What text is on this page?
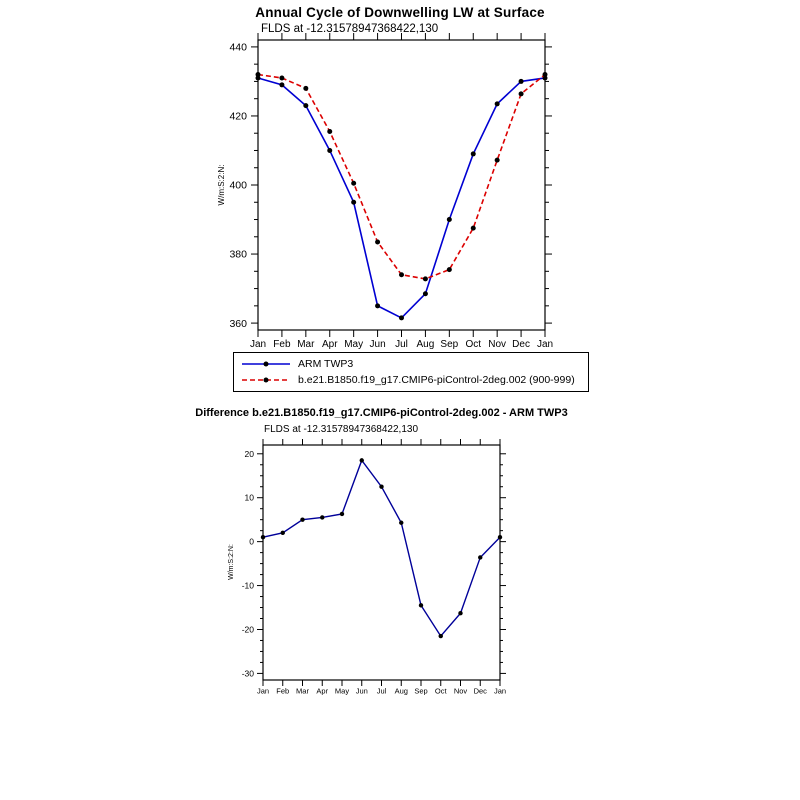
Annual Cycle of Downwelling LW at Surface
FLDS at -12.31578947368422,130
W/m:S:2:N:
W/m:S:2:N:
Jan Feb Mar Apr May Jun Jul Aug Sep Oct Nov Dec Jan
360
380
400
420
440
Jan Feb Mar Apr May Jun Jul Aug Sep Oct Nov Dec Jan
-30
-20
-10
0
10
20
ARM TWP3
b.e21.B1850.f19_g17.CMIP6-piControl-2deg.002 (900-999)
Difference b.e21.B1850.f19_g17.CMIP6-piControl-2deg.002 - ARM TWP3
FLDS at -12.31578947368422,130
